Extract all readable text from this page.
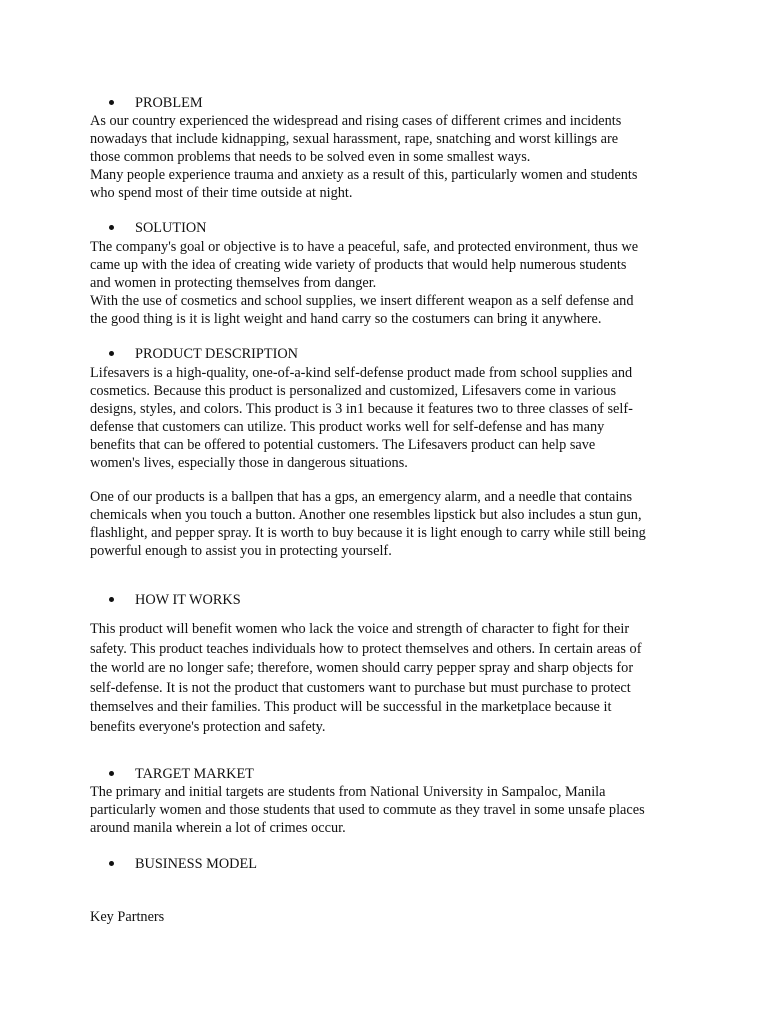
PROBLEM
As our country experienced the widespread and rising cases of different crimes and incidents
nowadays that include kidnapping, sexual harassment, rape, snatching and worst killings are
those common problems that needs to be solved even in some smallest ways.
Many people experience trauma and anxiety as a result of this, particularly women and students
who spend most of their time outside at night.
SOLUTION
The company's goal or objective is to have a peaceful, safe, and protected environment, thus we
came up with the idea of creating wide variety of products that would help numerous students
and women in protecting themselves from danger.
With the use of cosmetics and school supplies, we insert different weapon as a self defense and
the good thing is it is light weight and hand carry so the costumers can bring it anywhere.
PRODUCT DESCRIPTION
Lifesavers is a high-quality, one-of-a-kind self-defense product made from school supplies and
cosmetics. Because this product is personalized and customized, Lifesavers come in various
designs, styles, and colors. This product is 3 in1 because it features two to three classes of self-
defense that customers can utilize. This product works well for self-defense and has many
benefits that can be offered to potential customers. The Lifesavers product can help save
women's lives, especially those in dangerous situations.
One of our products is a ballpen that has a gps, an emergency alarm, and a needle that contains
chemicals when you touch a button. Another one resembles lipstick but also includes a stun gun,
flashlight, and pepper spray. It is worth to buy because it is light enough to carry while still being
powerful enough to assist you in protecting yourself.
HOW IT WORKS
This product will benefit women who lack the voice and strength of character to fight for their
safety. This product teaches individuals how to protect themselves and others. In certain areas of
the world are no longer safe; therefore, women should carry pepper spray and sharp objects for
self-defense. It is not the product that customers want to purchase but must purchase to protect
themselves and their families. This product will be successful in the marketplace because it
benefits everyone's protection and safety.
TARGET MARKET
The primary and initial targets are students from National University in Sampaloc, Manila
particularly women and those students that used to commute as they travel in some unsafe places
around manila wherein a lot of crimes occur.
BUSINESS MODEL
Key Partners
